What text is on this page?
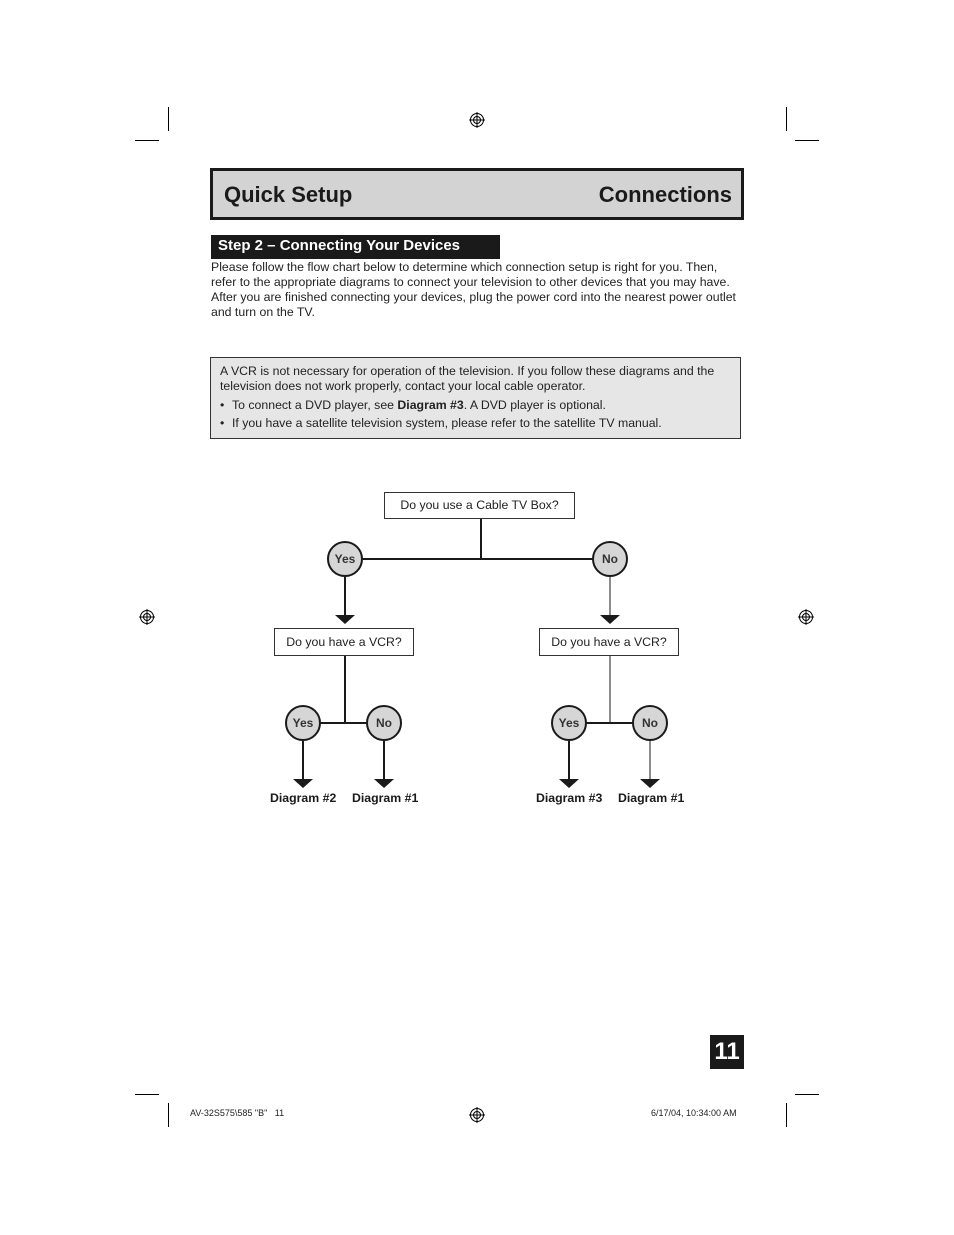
Quick Setup	Connections
Step 2 – Connecting Your Devices
Please follow the flow chart below to determine which connection setup is right for you. Then, refer to the appropriate diagrams to connect your television to other devices that you may have. After you are finished connecting your devices, plug the power cord into the nearest power outlet and turn on the TV.

A VCR is not necessary for operation of the television. If you follow these diagrams and the television does not work properly, contact your local cable operator.

• To connect a DVD player, see Diagram #3. A DVD player is optional.
• If you have a satellite television system, please refer to the satellite TV manual.
Do you use a Cable TV Box?
Yes	No
Do you have a VCR?	Do you have a VCR?
Yes	No	Yes	No
Diagram #2 Diagram #1	Diagram #3 Diagram #1
11
AV-32S575\585 "B"   11	6/17/04, 10:34:00 AM
